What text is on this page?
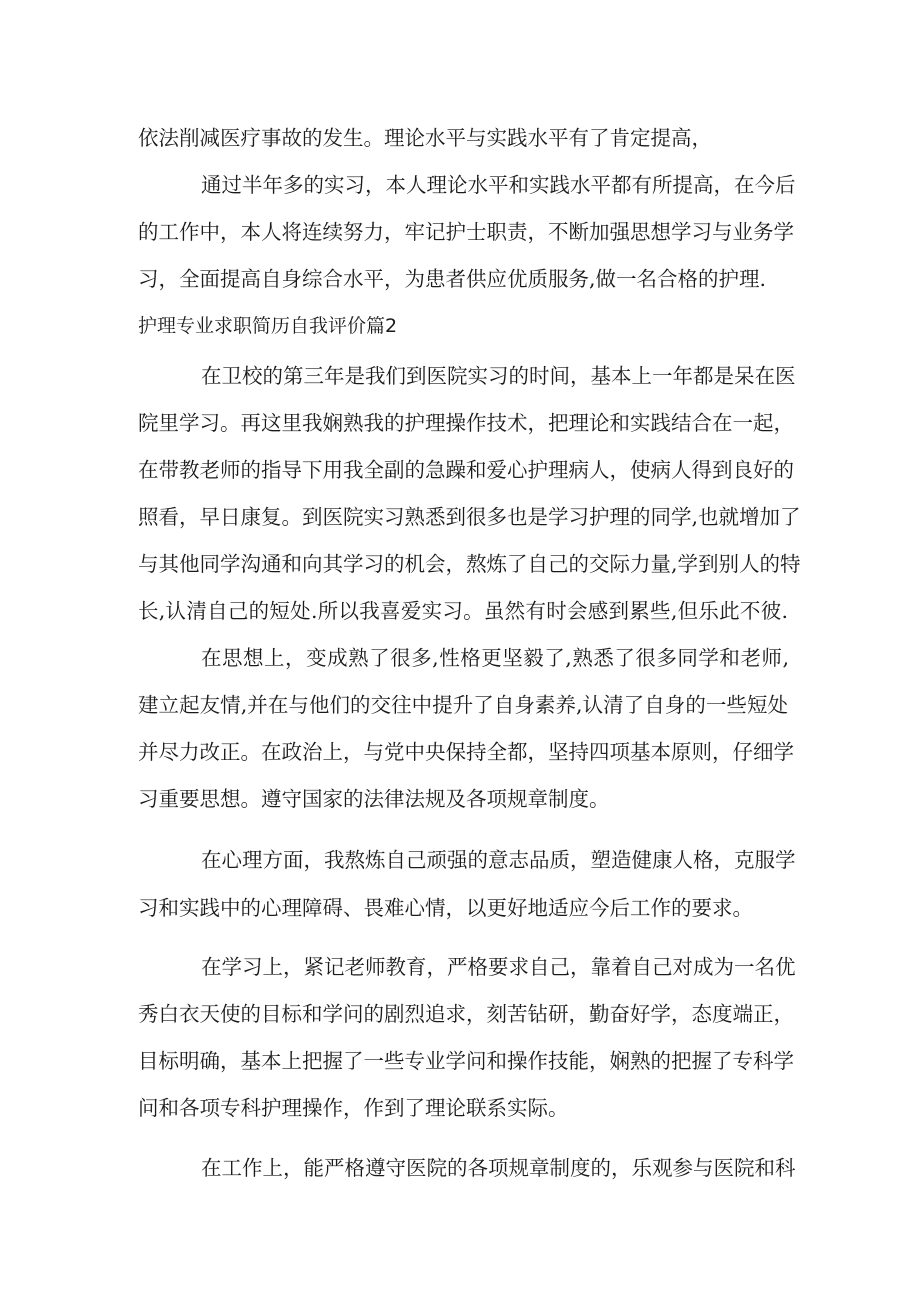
依法削减医疗事故的发生。理论水平与实践水平有了肯定提高，
通过半年多的实习，本人理论水平和实践水平都有所提高，在今后
的工作中，本人将连续努力，牢记护士职责，不断加强思想学习与业务学
习，全面提高自身综合水平，为患者供应优质服务,做一名合格的护理.
护理专业求职简历自我评价篇2
在卫校的第三年是我们到医院实习的时间，基本上一年都是呆在医
院里学习。再这里我娴熟我的护理操作技术，把理论和实践结合在一起，
在带教老师的指导下用我全副的急躁和爱心护理病人，使病人得到良好的
照看，早日康复。到医院实习熟悉到很多也是学习护理的同学,也就增加了
与其他同学沟通和向其学习的机会，熬炼了自己的交际力量,学到别人的特
长,认清自己的短处.所以我喜爱实习。虽然有时会感到累些,但乐此不彼.
在思想上，变成熟了很多,性格更坚毅了,熟悉了很多同学和老师,
建立起友情,并在与他们的交往中提升了自身素养,认清了自身的一些短处
并尽力改正。在政治上，与党中央保持全都，坚持四项基本原则，仔细学
习重要思想。遵守国家的法律法规及各项规章制度。
在心理方面，我熬炼自己顽强的意志品质，塑造健康人格，克服学
习和实践中的心理障碍、畏难心情，以更好地适应今后工作的要求。
在学习上，紧记老师教育，严格要求自己，靠着自己对成为一名优
秀白衣天使的目标和学问的剧烈追求，刻苦钻研，勤奋好学，态度端正，
目标明确，基本上把握了一些专业学问和操作技能，娴熟的把握了专科学
问和各项专科护理操作，作到了理论联系实际。
在工作上，能严格遵守医院的各项规章制度的，乐观参与医院和科
